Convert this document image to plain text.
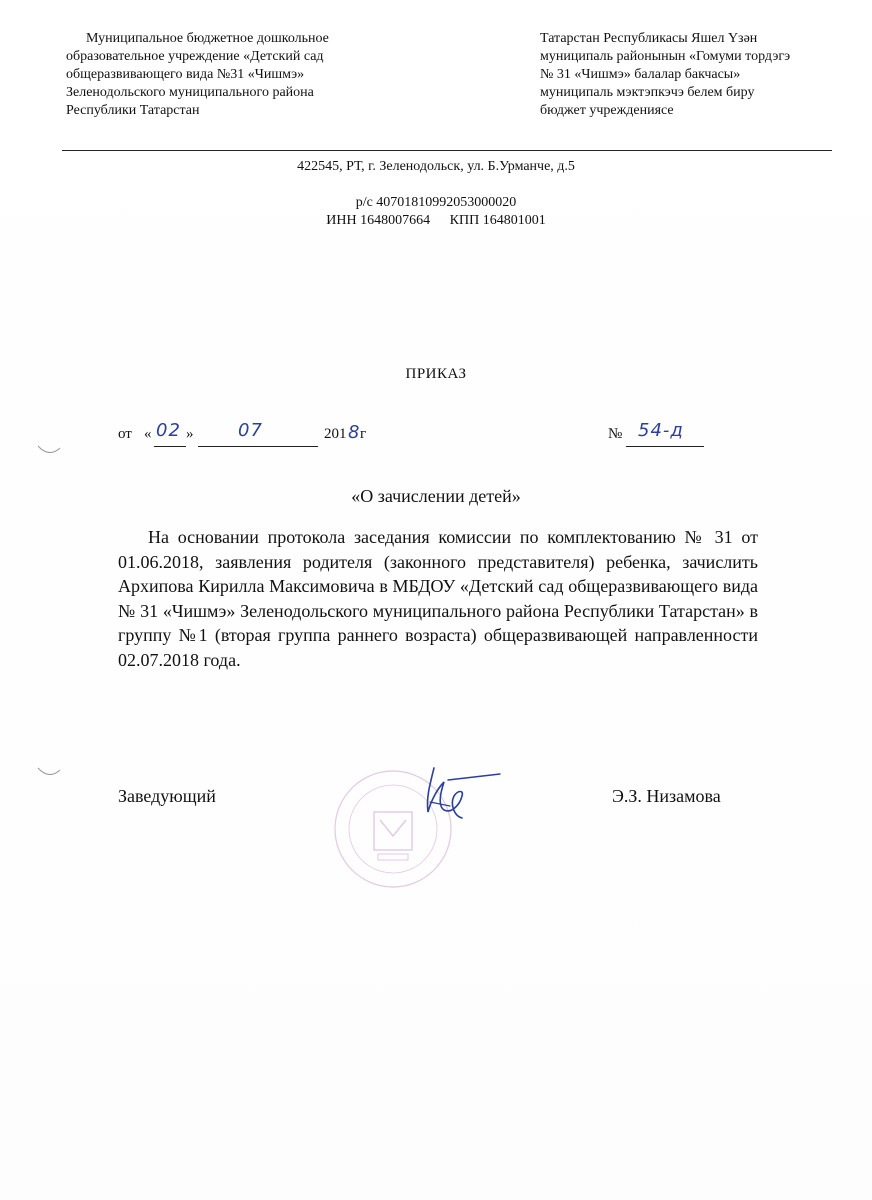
Муниципальное бюджетное дошкольное
образовательное учреждение «Детский сад
общеразвивающего вида №31 «Чишмэ»
Зеленодольского муниципального района
Республики Татарстан
Татарстан Республикасы Яшел Үзән
муниципаль районынын «Гомуми тордэгэ
№ 31 «Чишмэ» балалар бакчасы»
муниципаль мэктэпкэчэ белем биру
бюджет учреждениясе
422545, РТ, г. Зеленодольск, ул. Б.Урманче, д.5
р/с 40701810992053000020
ИНН 1648007664 КПП 164801001
ПРИКАЗ
от « 02 » 07	201 8 г	№ 54-д
«О зачислении детей»
На основании протокола заседания комиссии по комплектованию № 31 от 01.06.2018, заявления родителя (законного представителя) ребенка, зачислить Архипова Кирилла Максимовича в МБДОУ «Детский сад общеразвивающего вида № 31 «Чишмэ» Зеленодольского муниципального района Республики Татарстан» в группу №1 (вторая группа раннего возраста) общеразвивающей направленности 02.07.2018 года.
Заведующий	Э.З. Низамова
